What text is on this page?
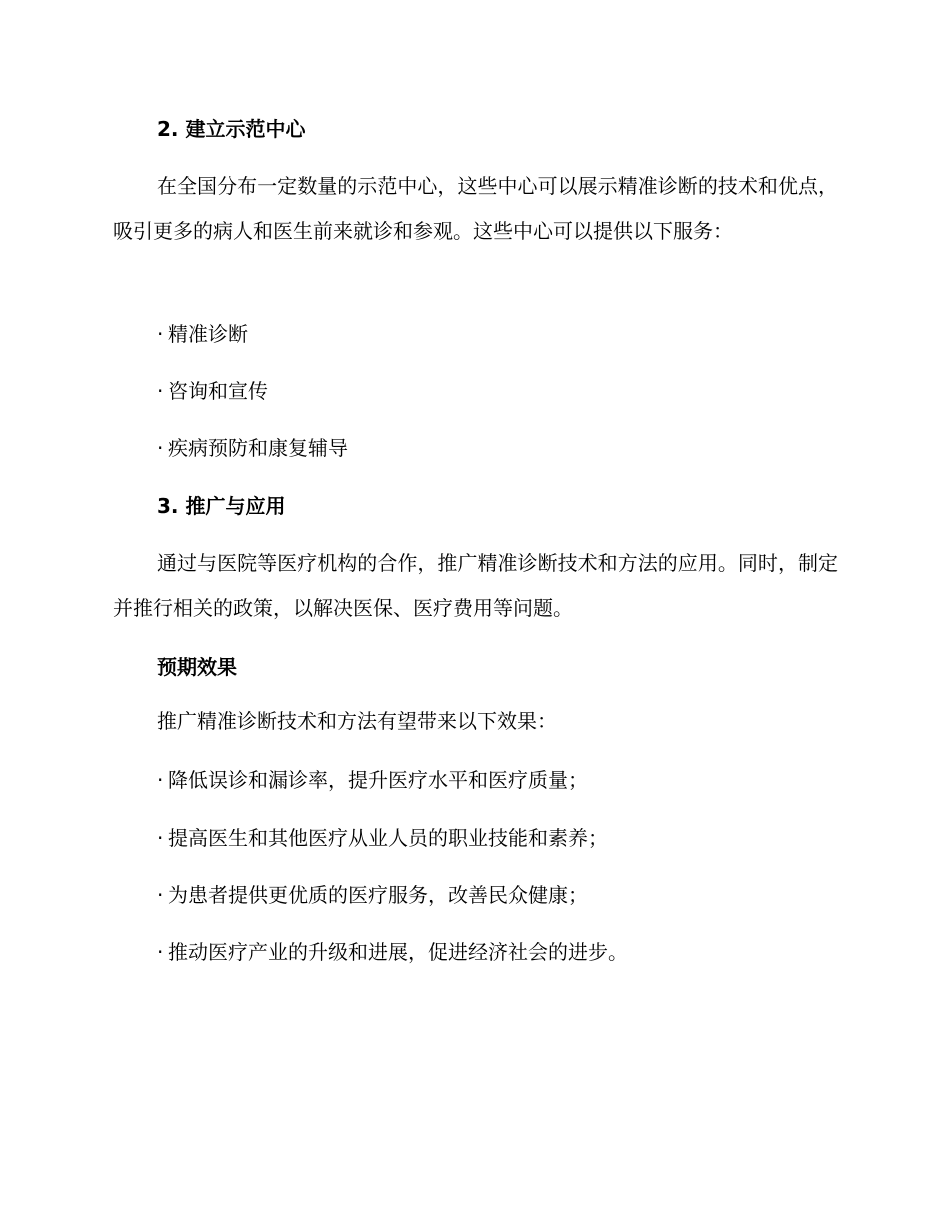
2. 建立示范中心
在全国分布一定数量的示范中心，这些中心可以展示精准诊断的技术和优点，吸引更多的病人和医生前来就诊和参观。这些中心可以提供以下服务：
· 精准诊断
· 咨询和宣传
· 疾病预防和康复辅导
3. 推广与应用
通过与医院等医疗机构的合作，推广精准诊断技术和方法的应用。同时，制定并推行相关的政策，以解决医保、医疗费用等问题。
预期效果
推广精准诊断技术和方法有望带来以下效果：
· 降低误诊和漏诊率，提升医疗水平和医疗质量；
· 提高医生和其他医疗从业人员的职业技能和素养；
· 为患者提供更优质的医疗服务，改善民众健康；
· 推动医疗产业的升级和进展，促进经济社会的进步。
